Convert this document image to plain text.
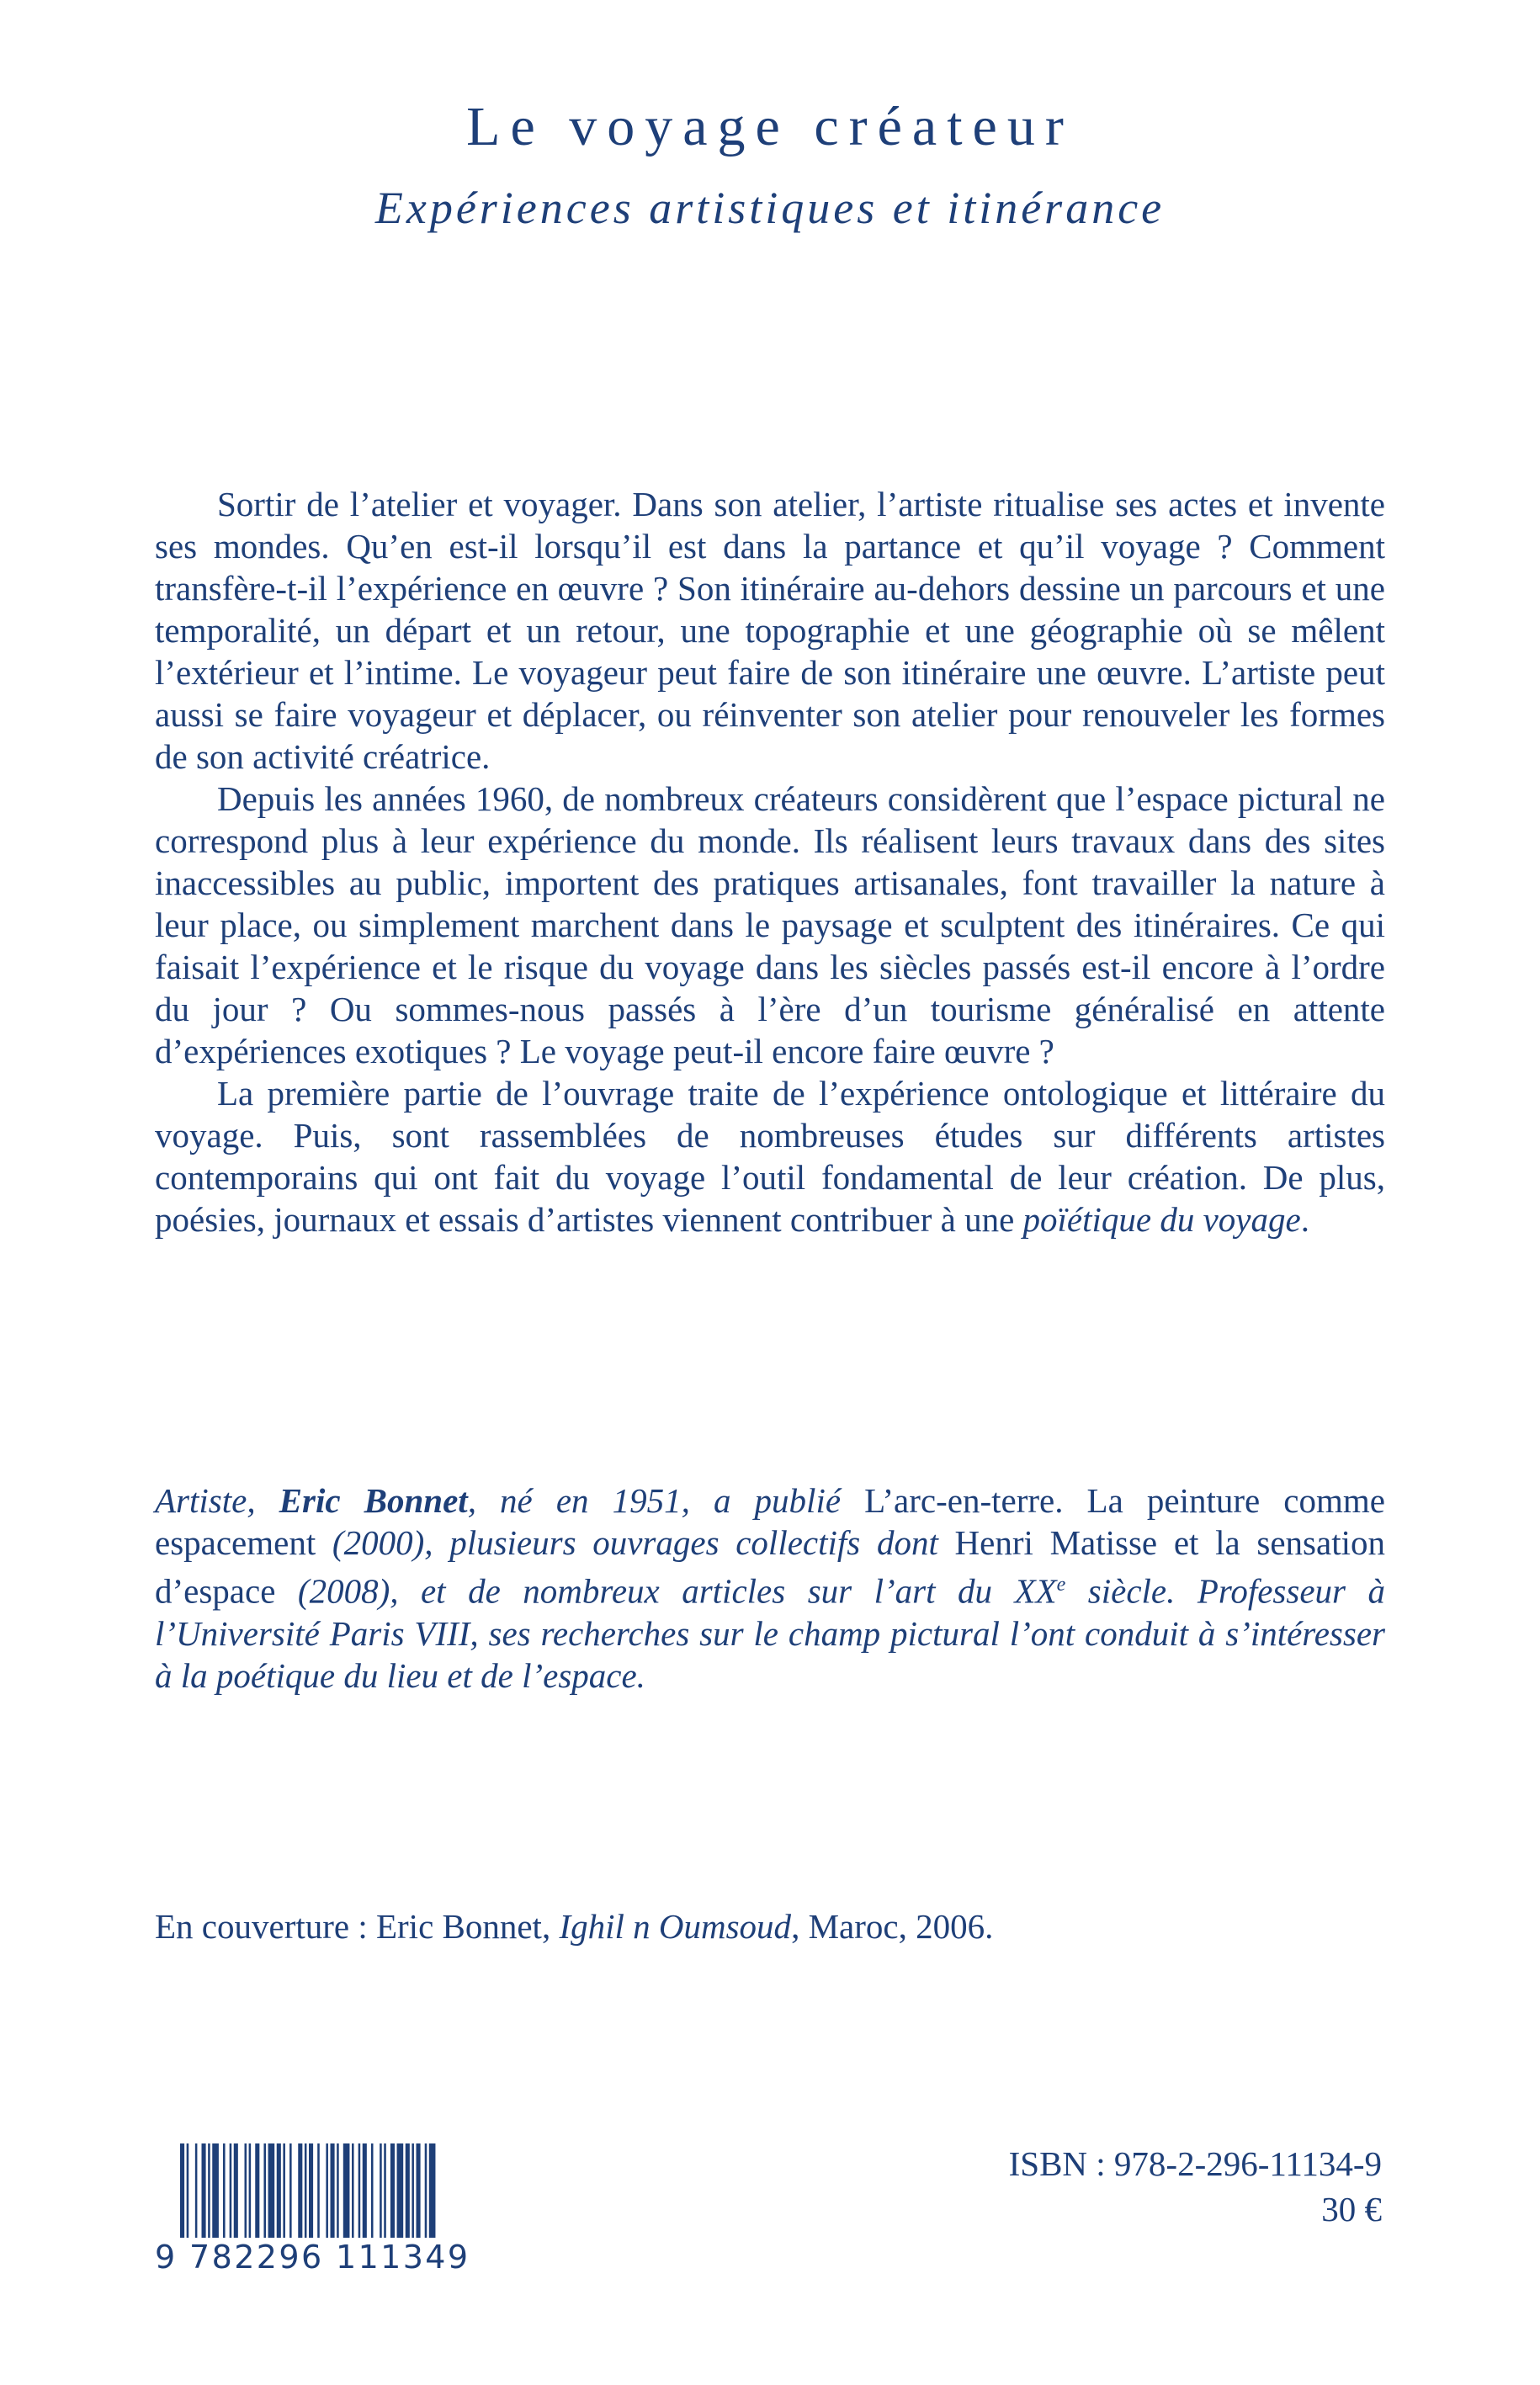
Le voyage créateur
Expériences artistiques et itinérance

Sortir de l’atelier et voyager. Dans son atelier, l’artiste ritualise ses actes et invente ses mondes. Qu’en est-il lorsqu’il est dans la partance et qu’il voyage ? Comment transfère-t-il l’expérience en œuvre ? Son itinéraire au-dehors dessine un parcours et une temporalité, un départ et un retour, une topographie et une géographie où se mêlent l’extérieur et l’intime. Le voyageur peut faire de son itinéraire une œuvre. L’artiste peut aussi se faire voyageur et déplacer, ou réinventer son atelier pour renouveler les formes de son activité créatrice.

Depuis les années 1960, de nombreux créateurs considèrent que l’espace pictural ne correspond plus à leur expérience du monde. Ils réalisent leurs travaux dans des sites inaccessibles au public, importent des pratiques artisanales, font travailler la nature à leur place, ou simplement marchent dans le paysage et sculptent des itinéraires. Ce qui faisait l’expérience et le risque du voyage dans les siècles passés est-il encore à l’ordre du jour ? Ou sommes-nous passés à l’ère d’un tourisme généralisé en attente d’expériences exotiques ? Le voyage peut-il encore faire œuvre ?

La première partie de l’ouvrage traite de l’expérience ontologique et littéraire du voyage. Puis, sont rassemblées de nombreuses études sur différents artistes contemporains qui ont fait du voyage l’outil fondamental de leur création. De plus, poésies, journaux et essais d’artistes viennent contribuer à une poïétique du voyage.

Artiste, Eric Bonnet, né en 1951, a publié L’arc-en-terre. La peinture comme espacement (2000), plusieurs ouvrages collectifs dont Henri Matisse et la sensation d’espace (2008), et de nombreux articles sur l’art du XXe siècle. Professeur à l’Université Paris VIII, ses recherches sur le champ pictural l’ont conduit à s’intéresser à la poétique du lieu et de l’espace.

En couverture : Eric Bonnet, Ighil n Oumsoud, Maroc, 2006.
9 782296 111349
ISBN : 978-2-296-11134-9
30 €
